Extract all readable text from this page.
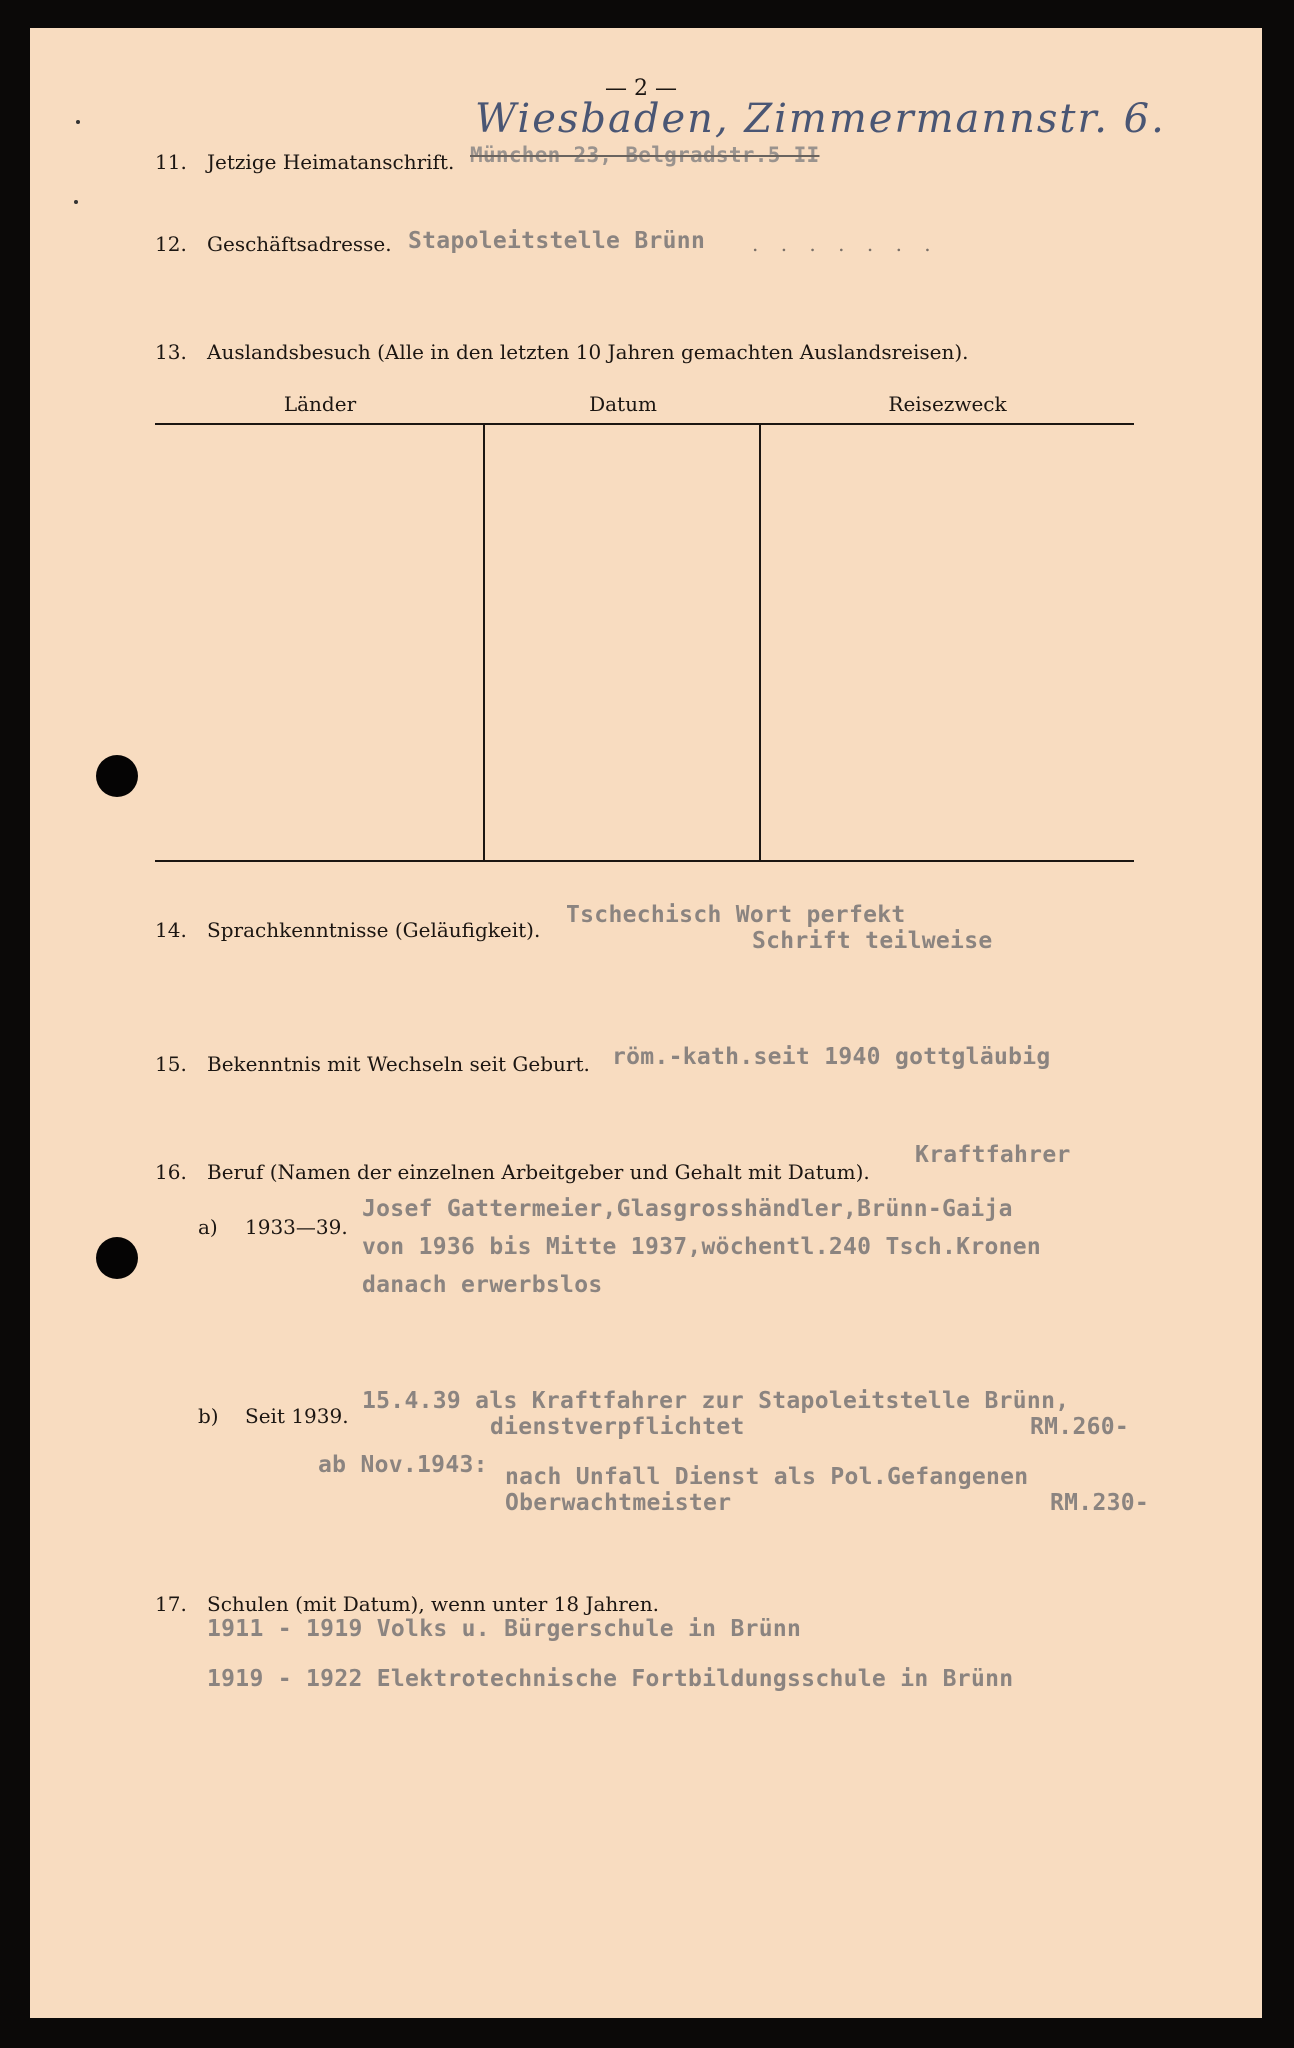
— 2 —
Wiesbaden, Zimmermannstr. 6.
11. Jetzige Heimatanschrift. München 23, Belgradstr.5 II
12. Geschäftsadresse. Stapoleitstelle Brünn . . . . . . .
13. Auslandsbesuch (Alle in den letzten 10 Jahren gemachten Auslandsreisen).
Länder	Datum	Reisezweck
14. Sprachkenntnisse (Geläufigkeit).
Tschechisch Wort perfekt
Schrift teilweise
15. Bekenntnis mit Wechseln seit Geburt. röm.-kath.seit 1940 gottgläubig
Kraftfahrer
16. Beruf (Namen der einzelnen Arbeitgeber und Gehalt mit Datum).
a) 1933—39.
Josef Gattermeier,Glasgrosshändler,Brünn-Gaija
von 1936 bis Mitte 1937,wöchentl.240 Tsch.Kronen
danach erwerbslos
b) Seit 1939.
15.4.39 als Kraftfahrer zur Stapoleitstelle Brünn,
dienstverpflichtet	RM.260-
ab Nov.1943: nach Unfall Dienst als Pol.Gefangenen
Oberwachtmeister	RM.230-
17. Schulen (mit Datum), wenn unter 18 Jahren.
1911 - 1919 Volks u. Bürgerschule in Brünn
1919 - 1922 Elektrotechnische Fortbildungsschule in Brünn
